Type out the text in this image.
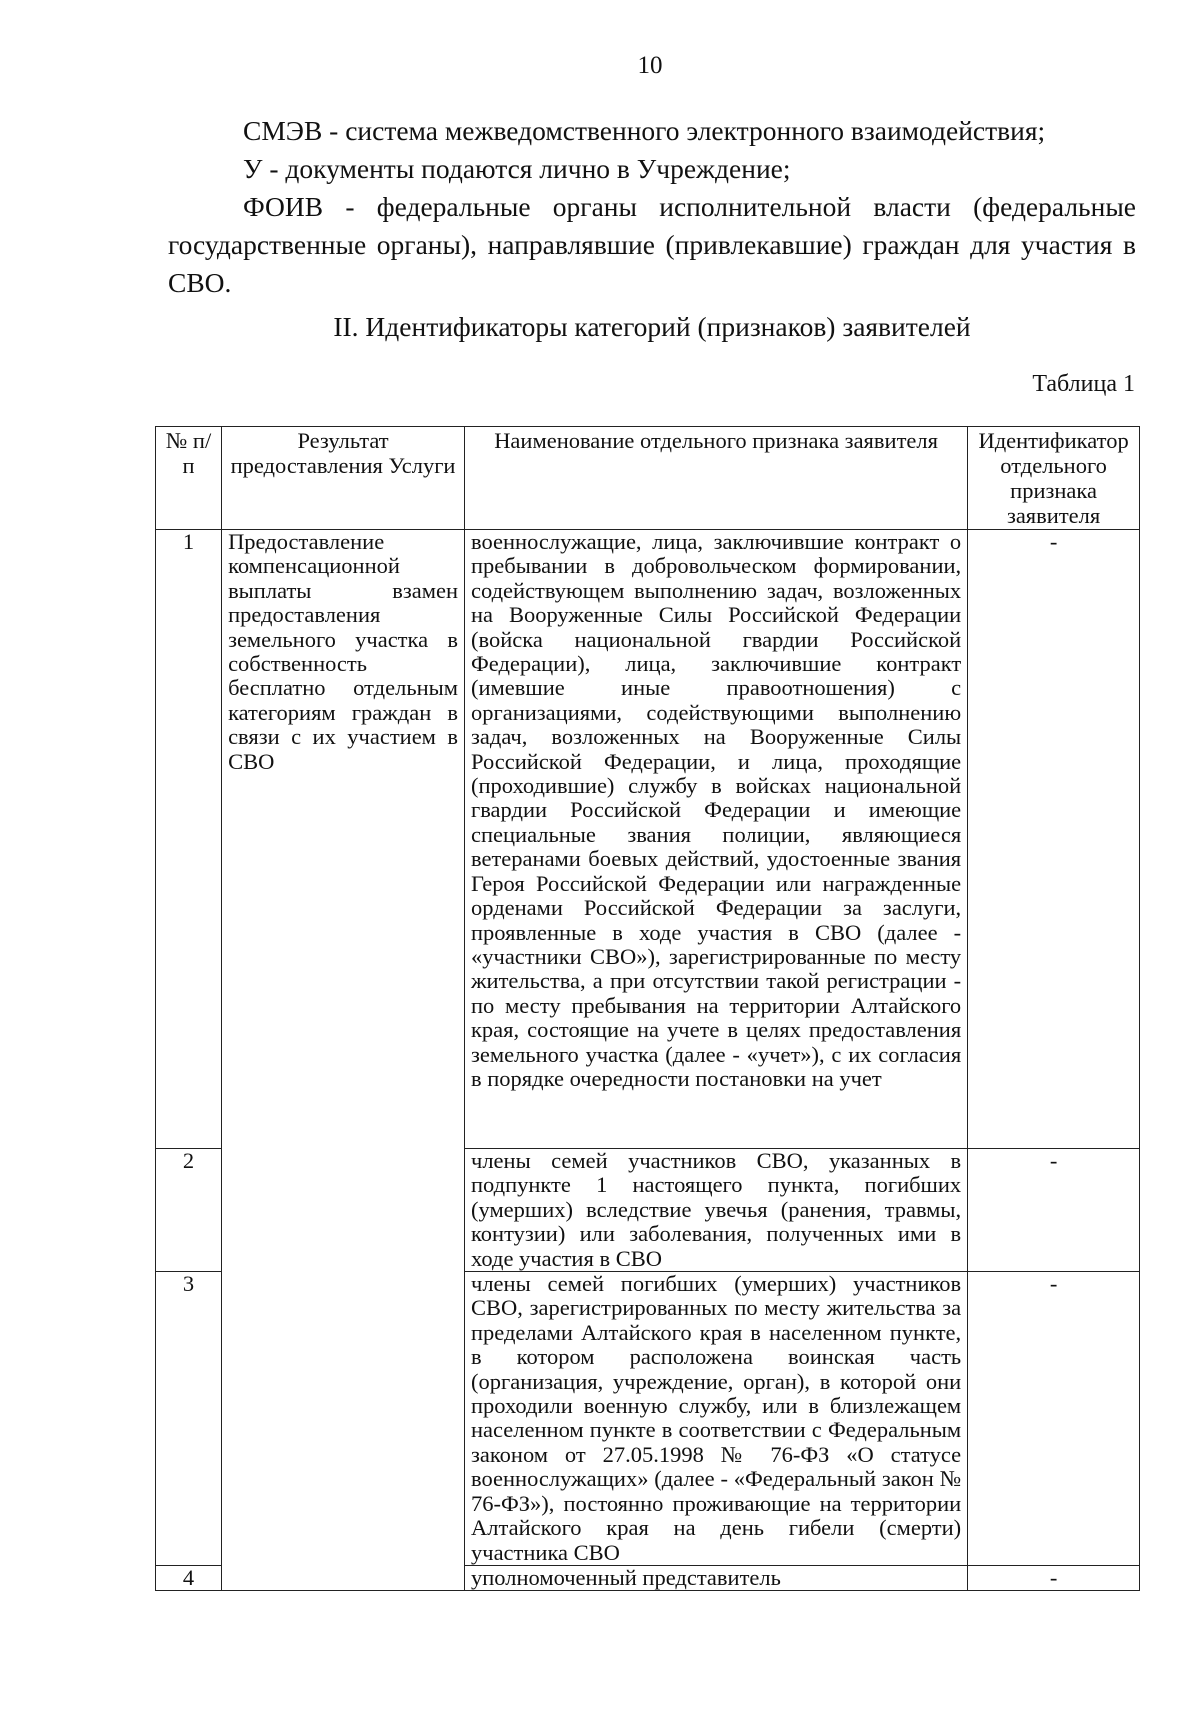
10

СМЭВ - система межведомственного электронного взаимодействия;

У - документы подаются лично в Учреждение;

ФОИВ - федеральные органы исполнительной власти (федеральные государственные органы), направлявшие (привлекавшие) граждан для участия в СВО.

II. Идентификаторы категорий (признаков) заявителей
Таблица 1
№ п/п	Результат предоставления Услуги	Наименование отдельного признака заявителя	Идентификатор отдельного признака заявителя
1	Предоставление компенсационной выплаты взамен предоставления земельного участка в собственность бесплатно отдельным категориям граждан в связи с их участием в СВО	военнослужащие, лица, заключившие контракт о пребывании в добровольческом формировании, содействующем выполнению задач, возложенных на Вооруженные Силы Российской Федерации (войска национальной гвардии Российской Федерации), лица, заключившие контракт (имевшие иные правоотношения) с организациями, содействующими выполнению задач, возложенных на Вооруженные Силы Российской Федерации, и лица, проходящие (проходившие) службу в войсках национальной гвардии Российской Федерации и имеющие специальные звания полиции, являющиеся ветеранами боевых действий, удостоенные звания Героя Российской Федерации или награжденные орденами Российской Федерации за заслуги, проявленные в ходе участия в СВО (далее - «участники СВО»), зарегистрированные по месту жительства, а при отсутствии такой регистрации - по месту пребывания на территории Алтайского края, состоящие на учете в целях предоставления земельного участка (далее - «учет»), с их согласия в порядке очередности постановки на учет	-
2		члены семей участников СВО, указанных в подпункте 1 настоящего пункта, погибших (умерших) вследствие увечья (ранения, травмы, контузии) или заболевания, полученных ими в ходе участия в СВО	-
3		члены семей погибших (умерших) участников СВО, зарегистрированных по месту жительства за пределами Алтайского края в населенном пункте, в котором расположена воинская часть (организация, учреждение, орган), в которой они проходили военную службу, или в близлежащем населенном пункте в соответствии с Федеральным законом от 27.05.1998 № 76-ФЗ «О статусе военнослужащих» (далее - «Федеральный закон № 76-ФЗ»), постоянно проживающие на территории Алтайского края на день гибели (смерти) участника СВО	-
4		уполномоченный представитель	-
